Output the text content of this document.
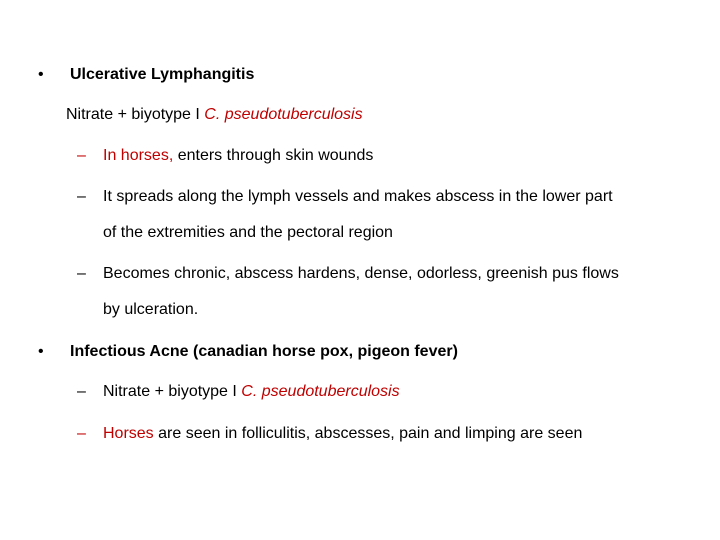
• Ulcerative Lymphangitis
Nitrate + biyotype I C. pseudotuberculosis
– In horses, enters through skin wounds
– It spreads along the lymph vessels and makes abscess in the lower part
of the extremities and the pectoral region
– Becomes chronic, abscess hardens, dense, odorless, greenish pus flows
by ulceration.
• Infectious Acne (canadian horse pox, pigeon fever)
– Nitrate + biyotype I C. pseudotuberculosis
– Horses are seen in folliculitis, abscesses, pain and limping are seen
